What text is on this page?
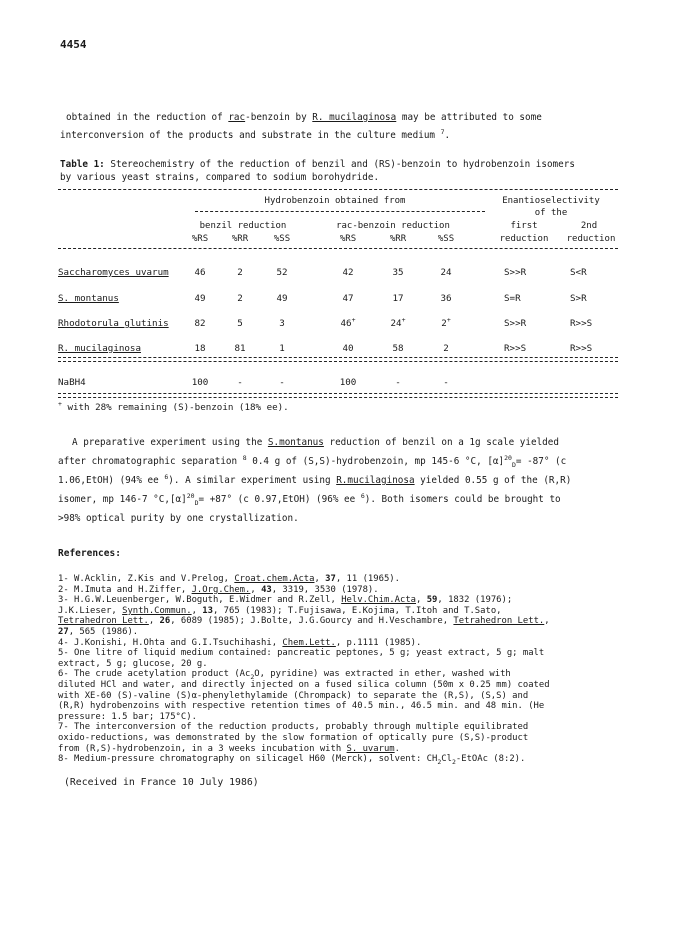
4454
obtained in the reduction of rac-benzoin by R. mucilaginosa may be attributed to some
interconversion of the products and substrate in the culture medium $^7$.
Table 1: Stereochemistry of the reduction of benzil and (RS)-benzoin to hydrobenzoin isomers
by various yeast strains, compared to sodium borohydride.
Hydrobenzoin obtained from	Enantioselectivity
of the
benzil reduction	rac-benzoin reduction	first	2nd
%RS	%RR	%SS	%RS	%RR	%SS	reduction	reduction
Saccharomyces uvarum	46	2	52	42	35	24	S>>R	S<R
S. montanus	49	2	49	47	17	36	S=R	S>R
Rhodotorula glutinis	82	5	3	46+	24+	2+	S>>R	R>>S
R. mucilaginosa	18	81	1	40	58	2	R>>S	R>>S
NaBH4	100	-	-	100	-	-
+ with 28% remaining (S)-benzoin (18% ee).
A preparative experiment using the S.montanus reduction of benzil on a 1g scale yielded
after chromatographic separation $^8$ 0.4 g of (S,S)-hydrobenzoin, mp 145-6 °C, $[\alpha]^{20}_D= -87^\circ$ (c
1.06,EtOH) (94% ee $^6$). A similar experiment using R.mucilaginosa yielded 0.55 g of the (R,R)
isomer, mp 146-7 $^\circ C,[\alpha]^{20}_D= +87^\circ$ (c 0.97,EtOH) (96% ee $^6$). Both isomers could be brought to
>98% optical purity by one crystallization.
References:
1- W.Acklin, Z.Kis and V.Prelog, Croat.chem.Acta, 37, 11 (1965).
2- M.Imuta and H.Ziffer, J.Org.Chem., 43, 3319, 3530 (1978).
3- H.G.W.Leuenberger, W.Boguth, E.Widmer and R.Zell, Helv.Chim.Acta, 59, 1832 (1976);
J.K.Lieser, Synth.Commun., 13, 765 (1983); T.Fujisawa, E.Kojima, T.Itoh and T.Sato,
Tetrahedron Lett., 26, 6089 (1985); J.Bolte, J.G.Gourcy and H.Veschambre, Tetrahedron Lett.,
27, 565 (1986).
4- J.Konishi, H.Ohta and G.I.Tsuchihashi, Chem.Lett., p.1111 (1985).
5- One litre of liquid medium contained: pancreatic peptones, 5 g; yeast extract, 5 g; malt
extract, 5 g; glucose, 20 g.
6- The crude acetylation product ($Ac_2O$, pyridine) was extracted in ether, washed with
diluted HCl and water, and directly injected on a fused silica column (50m x 0.25 mm) coated
with XE-60 (S)-valine (S)α-phenylethylamide (Chrompack) to separate the (R,S), (S,S) and
(R,R) hydrobenzoins with respective retention times of 40.5 min., 46.5 min. and 48 min. (He
pressure: 1.5 bar; 175°C).
7- The interconversion of the reduction products, probably through multiple equilibrated
oxido-reductions, was demonstrated by the slow formation of optically pure (S,S)-product
from (R,S)-hydrobenzoin, in a 3 weeks incubation with S. uvarum.
8- Medium-pressure chromatography on silicagel H60 (Merck), solvent: $CH_2Cl_2$-EtOAc (8:2).
(Received in France 10 July 1986)
